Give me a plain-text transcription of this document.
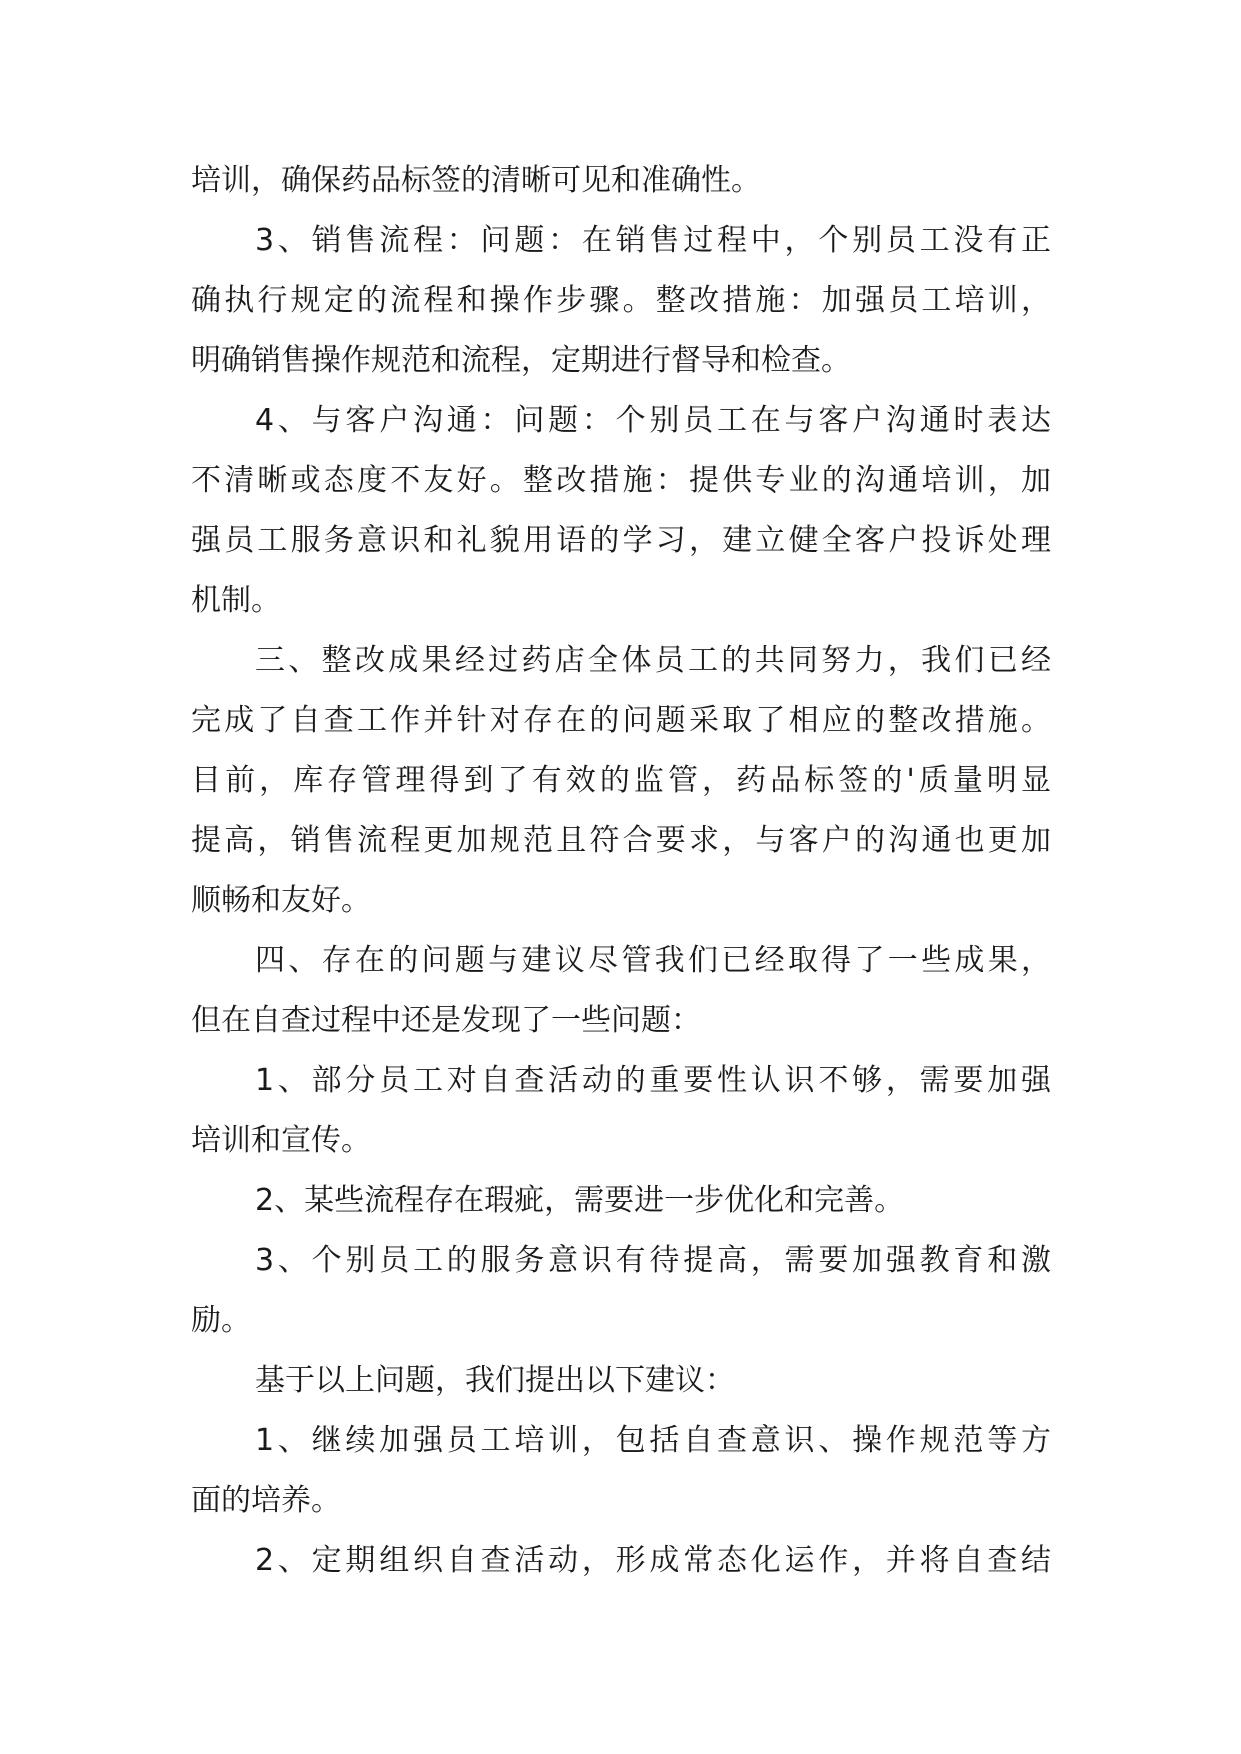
培训，确保药品标签的清晰可见和准确性。
3、销售流程：问题：在销售过程中，个别员工没有正
确执行规定的流程和操作步骤。整改措施：加强员工培训，
明确销售操作规范和流程，定期进行督导和检查。
4、与客户沟通：问题：个别员工在与客户沟通时表达
不清晰或态度不友好。整改措施：提供专业的沟通培训，加
强员工服务意识和礼貌用语的学习，建立健全客户投诉处理
机制。
三、整改成果经过药店全体员工的共同努力，我们已经
完成了自查工作并针对存在的问题采取了相应的整改措施。
目前，库存管理得到了有效的监管，药品标签的'质量明显
提高，销售流程更加规范且符合要求，与客户的沟通也更加
顺畅和友好。
四、存在的问题与建议尽管我们已经取得了一些成果，
但在自查过程中还是发现了一些问题：
1、部分员工对自查活动的重要性认识不够，需要加强
培训和宣传。
2、某些流程存在瑕疵，需要进一步优化和完善。
3、个别员工的服务意识有待提高，需要加强教育和激
励。
基于以上问题，我们提出以下建议：
1、继续加强员工培训，包括自查意识、操作规范等方
面的培养。
2、定期组织自查活动，形成常态化运作，并将自查结
